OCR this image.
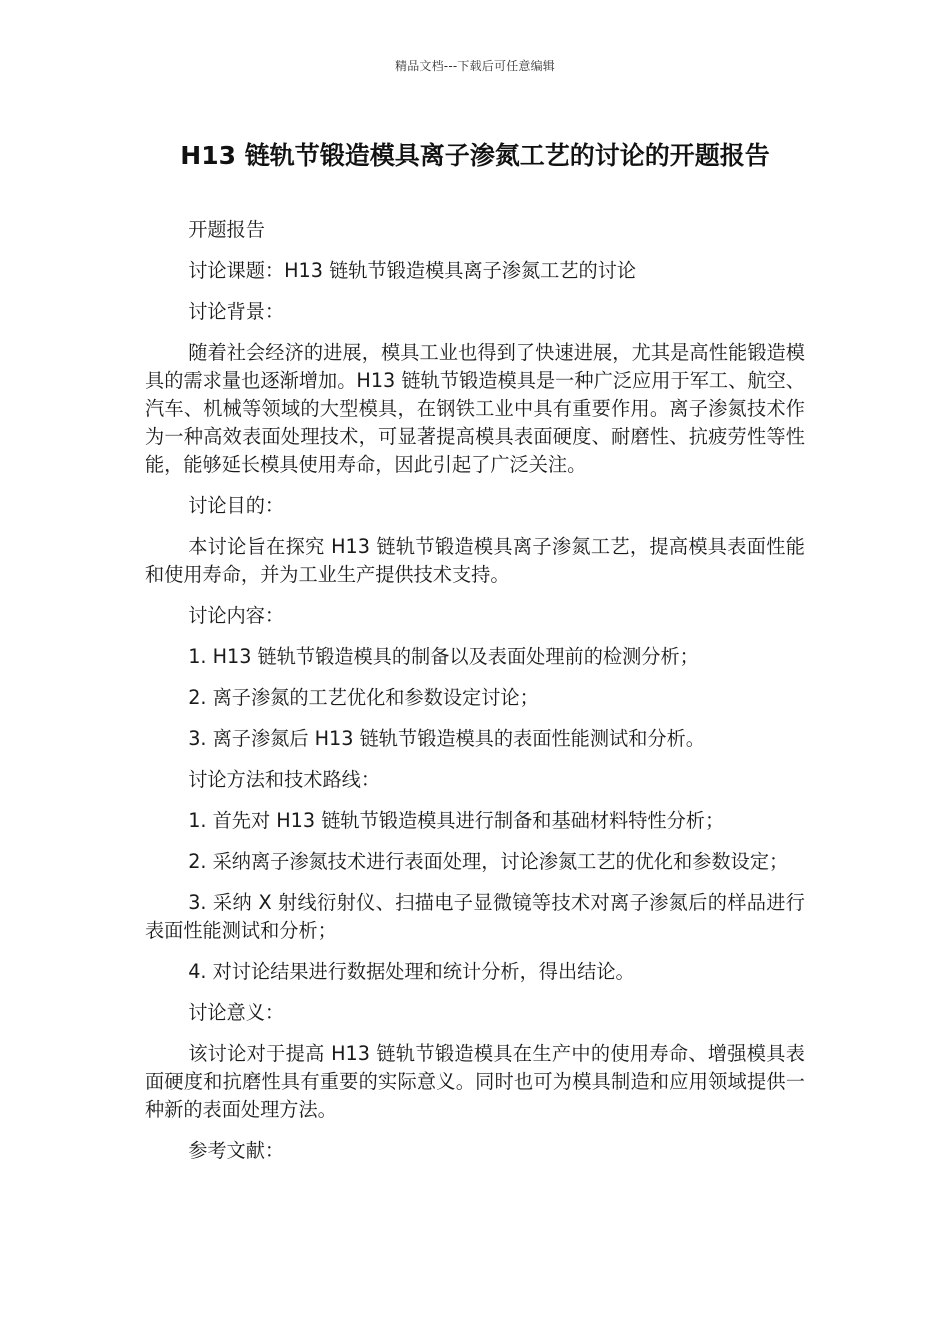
精品文档---下载后可任意编辑
H13 链轨节锻造模具离子渗氮工艺的讨论的开题报告

开题报告

讨论课题：H13 链轨节锻造模具离子渗氮工艺的讨论

讨论背景：

随着社会经济的进展，模具工业也得到了快速进展，尤其是高性能锻造模具的需求量也逐渐增加。H13 链轨节锻造模具是一种广泛应用于军工、航空、汽车、机械等领域的大型模具，在钢铁工业中具有重要作用。离子渗氮技术作为一种高效表面处理技术，可显著提高模具表面硬度、耐磨性、抗疲劳性等性能，能够延长模具使用寿命，因此引起了广泛关注。

讨论目的：

本讨论旨在探究 H13 链轨节锻造模具离子渗氮工艺，提高模具表面性能和使用寿命，并为工业生产提供技术支持。

讨论内容：

1. H13 链轨节锻造模具的制备以及表面处理前的检测分析；

2. 离子渗氮的工艺优化和参数设定讨论；

3. 离子渗氮后 H13 链轨节锻造模具的表面性能测试和分析。

讨论方法和技术路线：

1. 首先对 H13 链轨节锻造模具进行制备和基础材料特性分析；

2. 采纳离子渗氮技术进行表面处理，讨论渗氮工艺的优化和参数设定；

3. 采纳 X 射线衍射仪、扫描电子显微镜等技术对离子渗氮后的样品进行表面性能测试和分析；

4. 对讨论结果进行数据处理和统计分析，得出结论。

讨论意义：

该讨论对于提高 H13 链轨节锻造模具在生产中的使用寿命、增强模具表面硬度和抗磨性具有重要的实际意义。同时也可为模具制造和应用领域提供一种新的表面处理方法。

参考文献：
